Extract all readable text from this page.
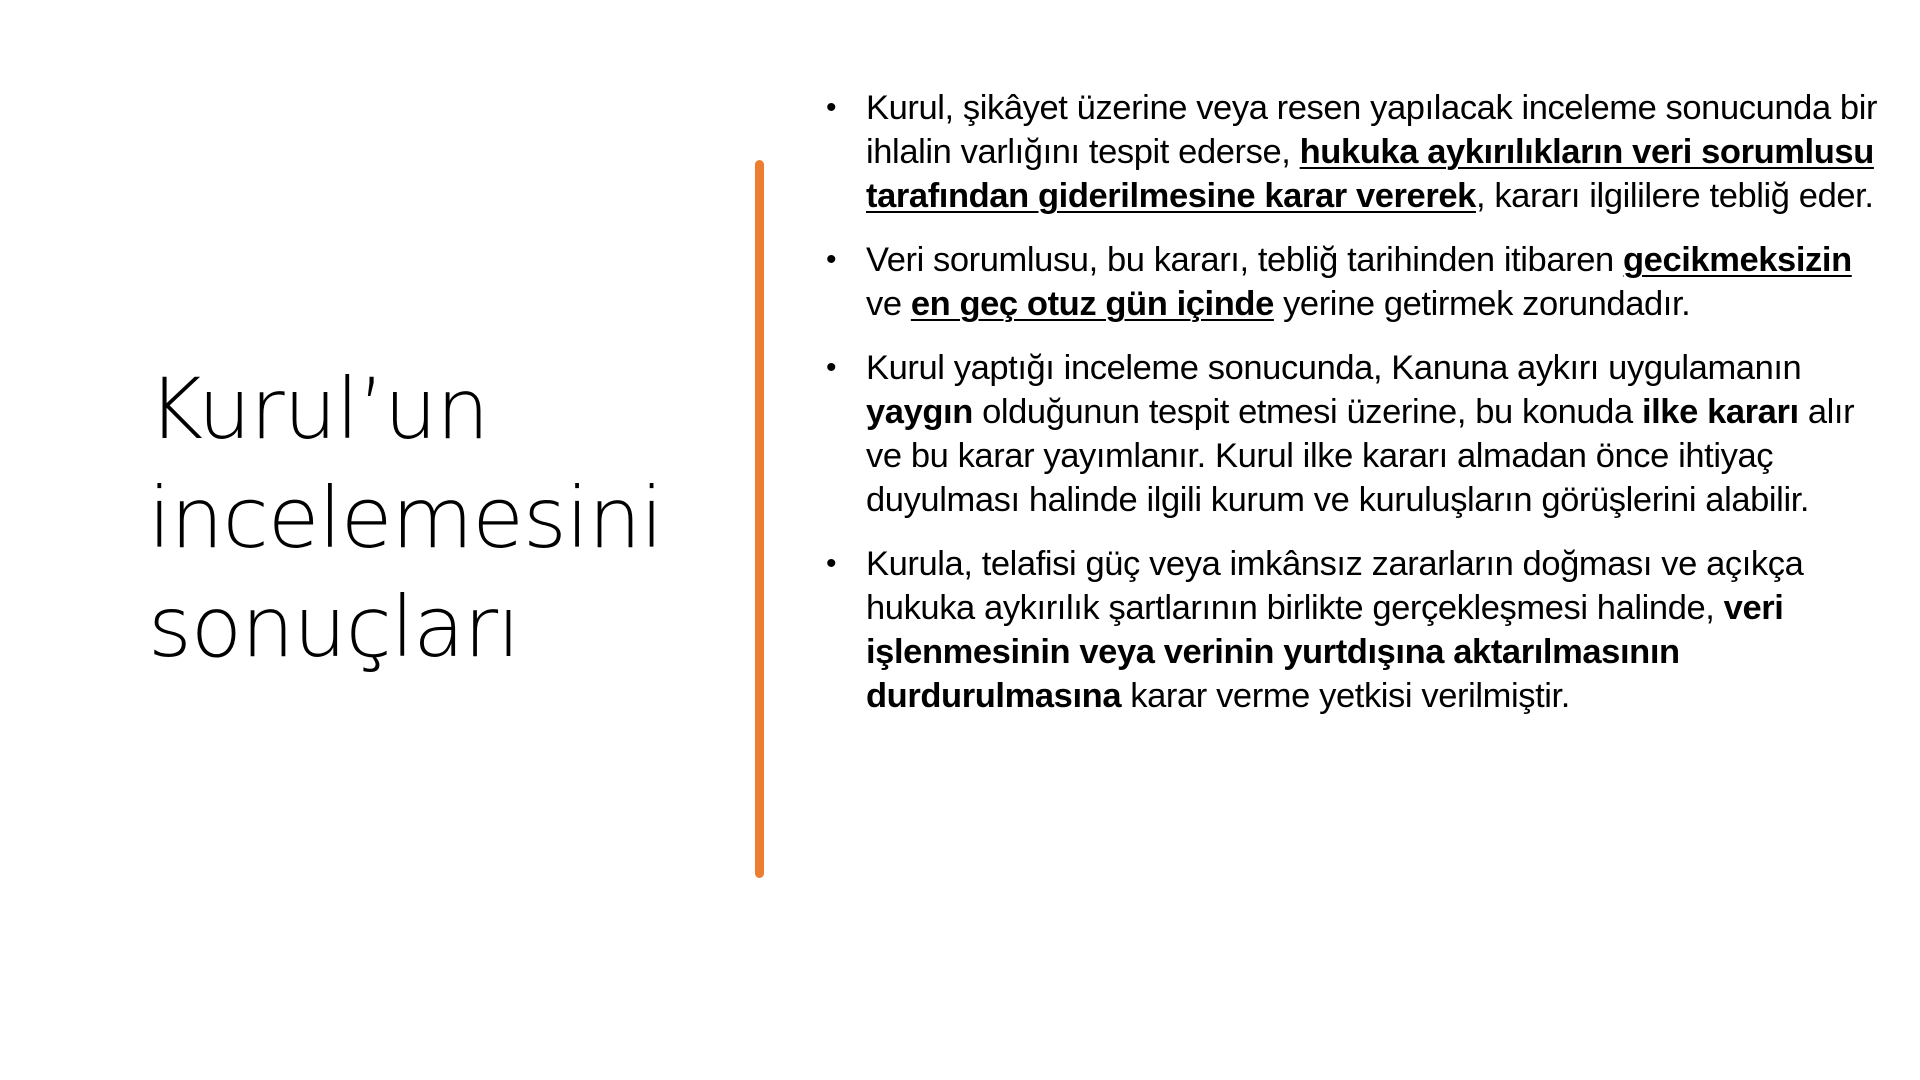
Kurul’un
incelemesini
sonuçları
• Kurul, şikâyet üzerine veya resen yapılacak inceleme sonucunda bir ihlalin varlığını tespit ederse, hukuka aykırılıkların veri sorumlusu tarafından giderilmesine karar vererek, kararı ilgililere tebliğ eder.
• Veri sorumlusu, bu kararı, tebliğ tarihinden itibaren gecikmeksizin ve en geç otuz gün içinde yerine getirmek zorundadır.
• Kurul yaptığı inceleme sonucunda, Kanuna aykırı uygulamanın yaygın olduğunun tespit etmesi üzerine, bu konuda ilke kararı alır ve bu karar yayımlanır. Kurul ilke kararı almadan önce ihtiyaç duyulması halinde ilgili kurum ve kuruluşların görüşlerini alabilir.
• Kurula, telafisi güç veya imkânsız zararların doğması ve açıkça hukuka aykırılık şartlarının birlikte gerçekleşmesi halinde, veri işlenmesinin veya verinin yurtdışına aktarılmasının durdurulmasına karar verme yetkisi verilmiştir.
